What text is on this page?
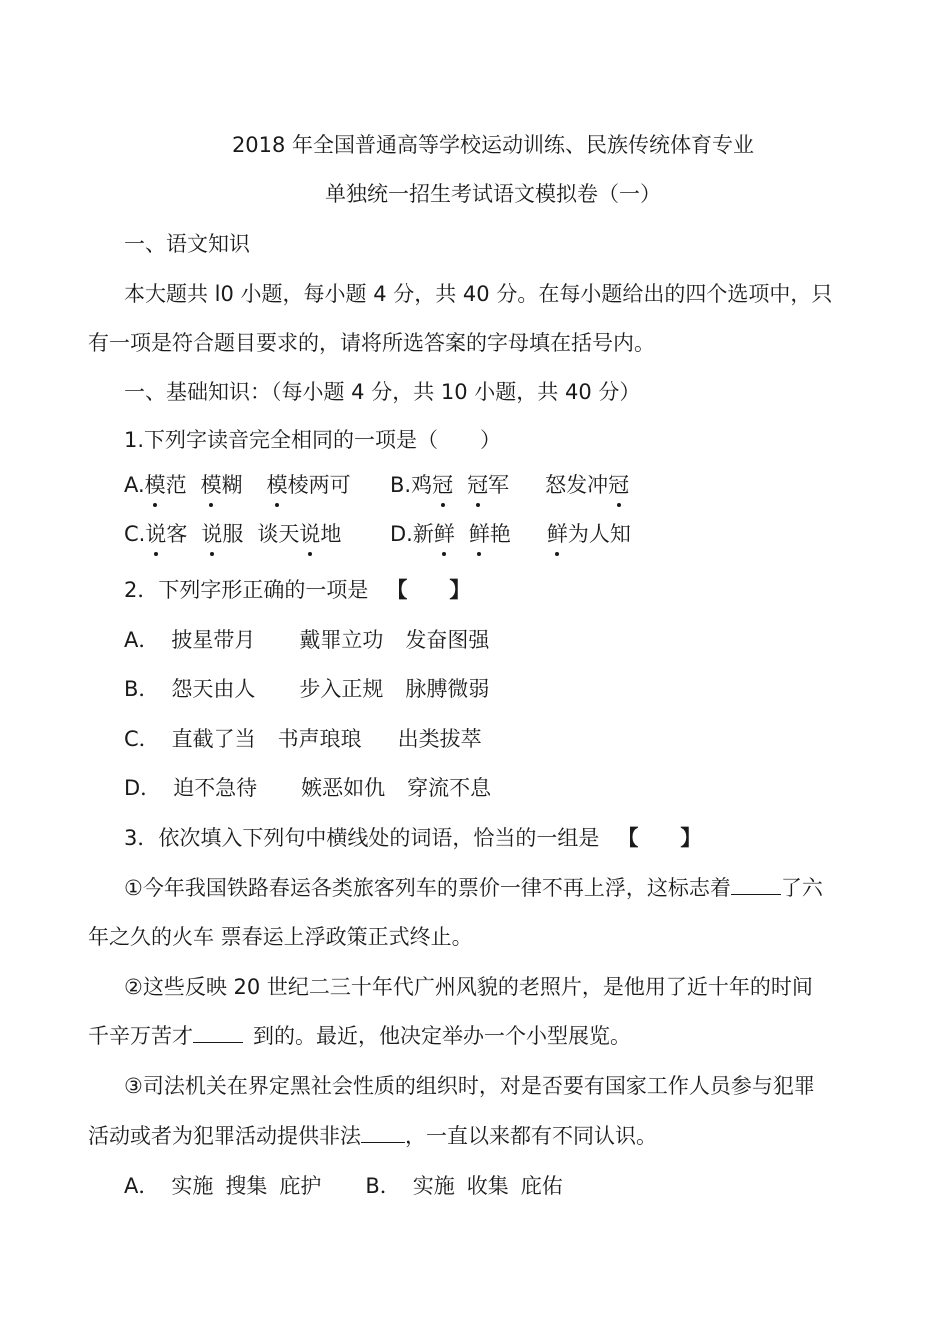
2018 年全国普通高等学校运动训练、民族传统体育专业
单独统一招生考试语文模拟卷（一）
一、语文知识
本大题共 l0 小题，每小题 4 分，共 40 分。在每小题给出的四个选项中，只
有一项是符合题目要求的，请将所选答案的字母填在括号内。
一、基础知识：（每小题 4 分，共 10 小题，共 40 分）
1.下列字读音完全相同的一项是（　　）
A.模范 模糊 模棱两可 B.鸡冠 冠军 怒发冲冠
C.说客 说服 谈天说地 D.新鲜 鲜艳 鲜为人知
2．下列字形正确的一项是 【　　】
A． 披星带月 戴罪立功 发奋图强
B． 怨天由人 步入正规 脉膊微弱
C． 直截了当 书声琅琅 出类拔萃
D． 迫不急待 嫉恶如仇 穿流不息
3．依次填入下列句中横线处的词语，恰当的一组是 【　　】
①今年我国铁路春运各类旅客列车的票价一律不再上浮，这标志着 了六
年之久的火车 票春运上浮政策正式终止。
②这些反映 20 世纪二三十年代广州风貌的老照片，是他用了近十年的时间
千辛万苦才	到的。最近，他决定举办一个小型展览。
③司法机关在界定黑社会性质的组织时，对是否要有国家工作人员参与犯罪
活动或者为犯罪活动提供非法 ，一直以来都有不同认识。
A． 实施 搜集 庇护 B． 实施 收集 庇佑
